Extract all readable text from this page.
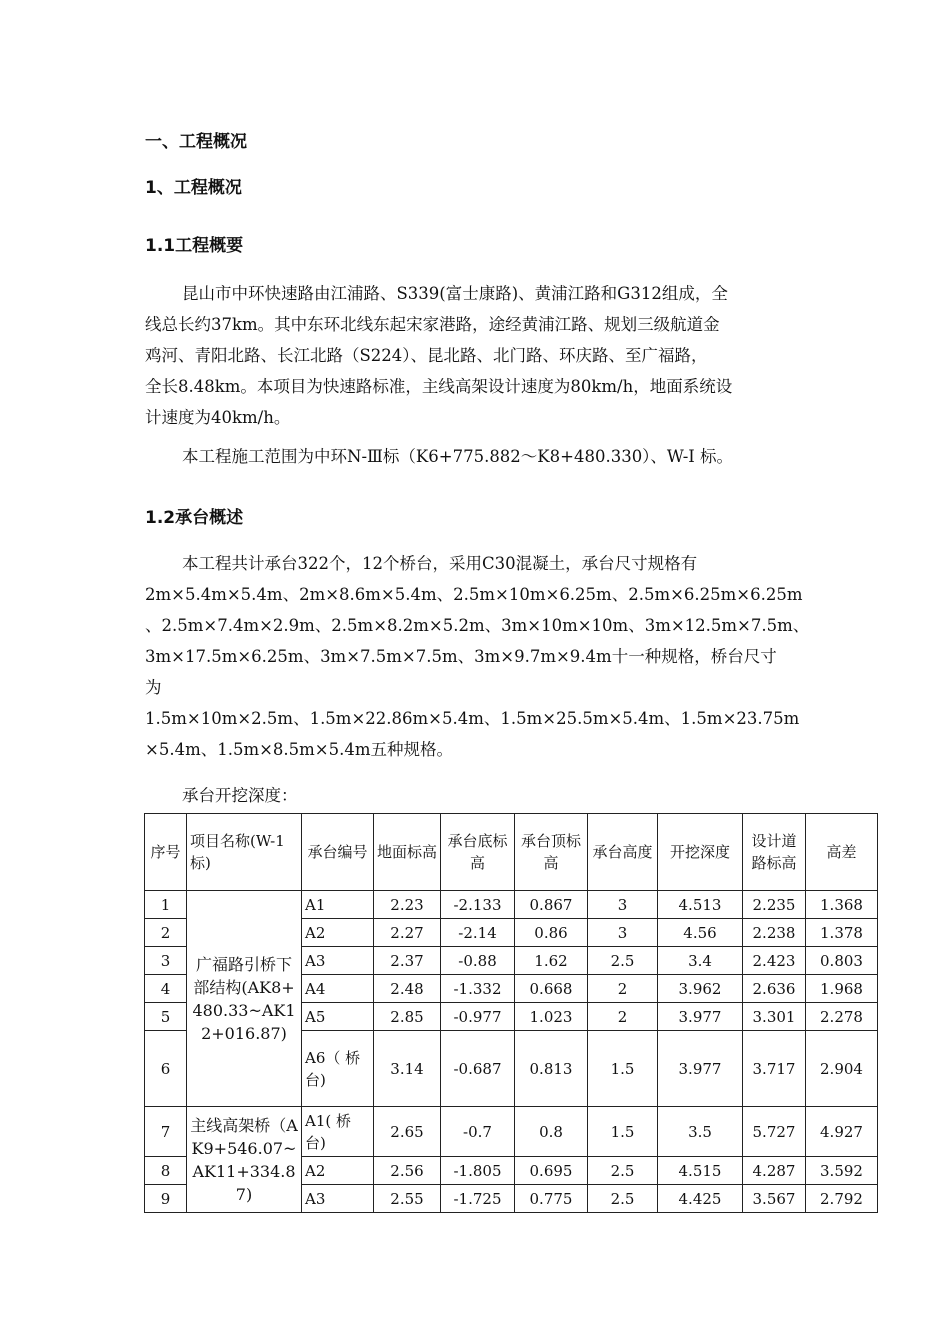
一、工程概况
1、工程概况
1.1工程概要
昆山市中环快速路由江浦路、S339(富士康路)、黄浦江路和G312组成，全
线总长约37km。其中东环北线东起宋家港路，途经黄浦江路、规划三级航道金
鸡河、青阳北路、长江北路（S224）、昆北路、北门路、环庆路、至广福路，
全长8.48km。本项目为快速路标准，主线高架设计速度为80km/h，地面系统设
计速度为40km/h。
本工程施工范围为中环N-Ⅲ标（K6+775.882～K8+480.330）、W-Ⅰ 标。
1.2承台概述
本工程共计承台322个，12个桥台，采用C30混凝土，承台尺寸规格有
2m×5.4m×5.4m、2m×8.6m×5.4m、2.5m×10m×6.25m、2.5m×6.25m×6.25m
、2.5m×7.4m×2.9m、2.5m×8.2m×5.2m、3m×10m×10m、3m×12.5m×7.5m、
3m×17.5m×6.25m、3m×7.5m×7.5m、3m×9.7m×9.4m十一种规格，桥台尺寸
为
1.5m×10m×2.5m、1.5m×22.86m×5.4m、1.5m×25.5m×5.4m、1.5m×23.75m
×5.4m、1.5m×8.5m×5.4m五种规格。
承台开挖深度：
序号	项目名称(W-1标)	承台编号	地面标高	承台底标高	承台顶标高	承台高度	开挖深度	设计道路标高	高差
1	广福路引桥下部结构(AK8+480.33~AK12+016.87)	A1	2.23	-2.133	0.867	3	4.513	2.235	1.368
2		A2	2.27	-2.14	0.86	3	4.56	2.238	1.378
3		A3	2.37	-0.88	1.62	2.5	3.4	2.423	0.803
4		A4	2.48	-1.332	0.668	2	3.962	2.636	1.968
5		A5	2.85	-0.977	1.023	2	3.977	3.301	2.278
6		A6（ 桥台)	3.14	-0.687	0.813	1.5	3.977	3.717	2.904
7	主线高架桥（AK9+546.07~AK11+334.87)	A1( 桥台)	2.65	-0.7	0.8	1.5	3.5	5.727	4.927
8		A2	2.56	-1.805	0.695	2.5	4.515	4.287	3.592
9		A3	2.55	-1.725	0.775	2.5	4.425	3.567	2.792
